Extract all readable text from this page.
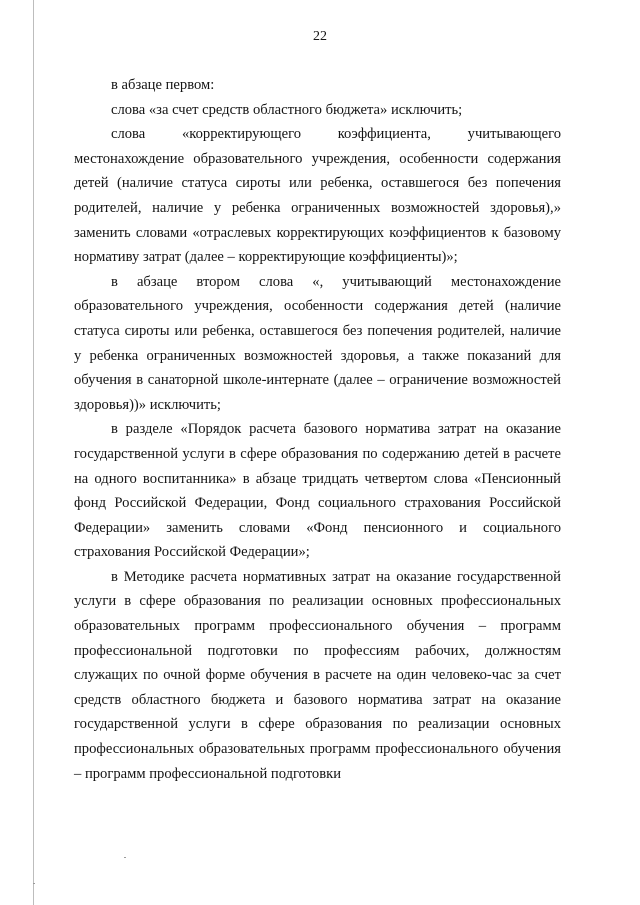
22

в абзаце первом:

слова «за счет средств областного бюджета» исключить;

слова «корректирующего коэффициента, учитывающего местонахождение образовательного учреждения, особенности содержания детей (наличие статуса сироты или ребенка, оставшегося без попечения родителей, наличие у ребенка ограниченных возможностей здоровья),» заменить словами «отраслевых корректирующих коэффициентов к базовому нормативу затрат (далее – корректирующие коэффициенты)»;

в абзаце втором слова «, учитывающий местонахождение образовательного учреждения, особенности содержания детей (наличие статуса сироты или ребенка, оставшегося без попечения родителей, наличие у ребенка ограниченных возможностей здоровья, а также показаний для обучения в санаторной школе-интернате (далее – ограничение возможностей здоровья))» исключить;

в разделе «Порядок расчета базового норматива затрат на оказание государственной услуги в сфере образования по содержанию детей в расчете на одного воспитанника» в абзаце тридцать четвертом слова «Пенсионный фонд Российской Федерации, Фонд социального страхования Российской Федерации» заменить словами «Фонд пенсионного и социального страхования Российской Федерации»;

в Методике расчета нормативных затрат на оказание государственной услуги в сфере образования по реализации основных профессиональных образовательных программ профессионального обучения – программ профессиональной подготовки по профессиям рабочих, должностям служащих по очной форме обучения в расчете на один человеко-час за счет средств областного бюджета и базового норматива затрат на оказание государственной услуги в сфере образования по реализации основных профессиональных образовательных программ профессионального обучения – программ профессиональной подготовки
